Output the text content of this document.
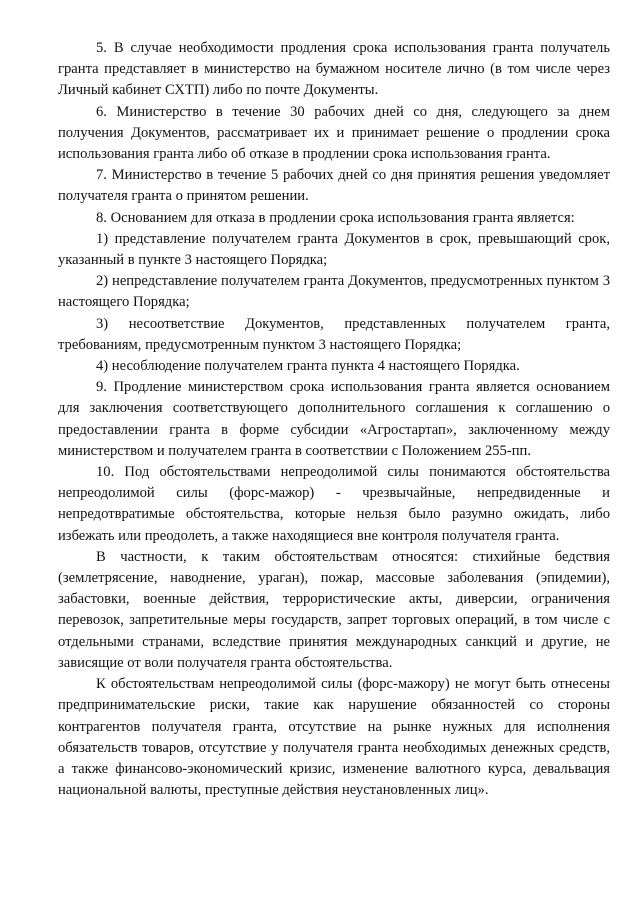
5. В случае необходимости продления срока использования гранта получатель гранта представляет в министерство на бумажном носителе лично (в том числе через Личный кабинет СХТП) либо по почте Документы.

6. Министерство в течение 30 рабочих дней со дня, следующего за днем получения Документов, рассматривает их и принимает решение о продлении срока использования гранта либо об отказе в продлении срока использования гранта.

7. Министерство в течение 5 рабочих дней со дня принятия решения уведомляет получателя гранта о принятом решении.

8. Основанием для отказа в продлении срока использования гранта является:

1) представление получателем гранта Документов в срок, превышающий срок, указанный в пункте 3 настоящего Порядка;

2) непредставление получателем гранта Документов, предусмотренных пунктом 3 настоящего Порядка;

3) несоответствие Документов, представленных получателем гранта, требованиям, предусмотренным пунктом 3 настоящего Порядка;

4) несоблюдение получателем гранта пункта 4 настоящего Порядка.

9. Продление министерством срока использования гранта является основанием для заключения соответствующего дополнительного соглашения к соглашению о предоставлении гранта в форме субсидии «Агростартап», заключенному между министерством и получателем гранта в соответствии с Положением 255-пп.

10. Под обстоятельствами непреодолимой силы понимаются обстоятельства непреодолимой силы (форс-мажор) - чрезвычайные, непредвиденные и непредотвратимые обстоятельства, которые нельзя было разумно ожидать, либо избежать или преодолеть, а также находящиеся вне контроля получателя гранта.

В частности, к таким обстоятельствам относятся: стихийные бедствия (землетрясение, наводнение, ураган), пожар, массовые заболевания (эпидемии), забастовки, военные действия, террористические акты, диверсии, ограничения перевозок, запретительные меры государств, запрет торговых операций, в том числе с отдельными странами, вследствие принятия международных санкций и другие, не зависящие от воли получателя гранта обстоятельства.

К обстоятельствам непреодолимой силы (форс-мажору) не могут быть отнесены предпринимательские риски, такие как нарушение обязанностей со стороны контрагентов получателя гранта, отсутствие на рынке нужных для исполнения обязательств товаров, отсутствие у получателя гранта необходимых денежных средств, а также финансово-экономический кризис, изменение валютного курса, девальвация национальной валюты, преступные действия неустановленных лиц».
